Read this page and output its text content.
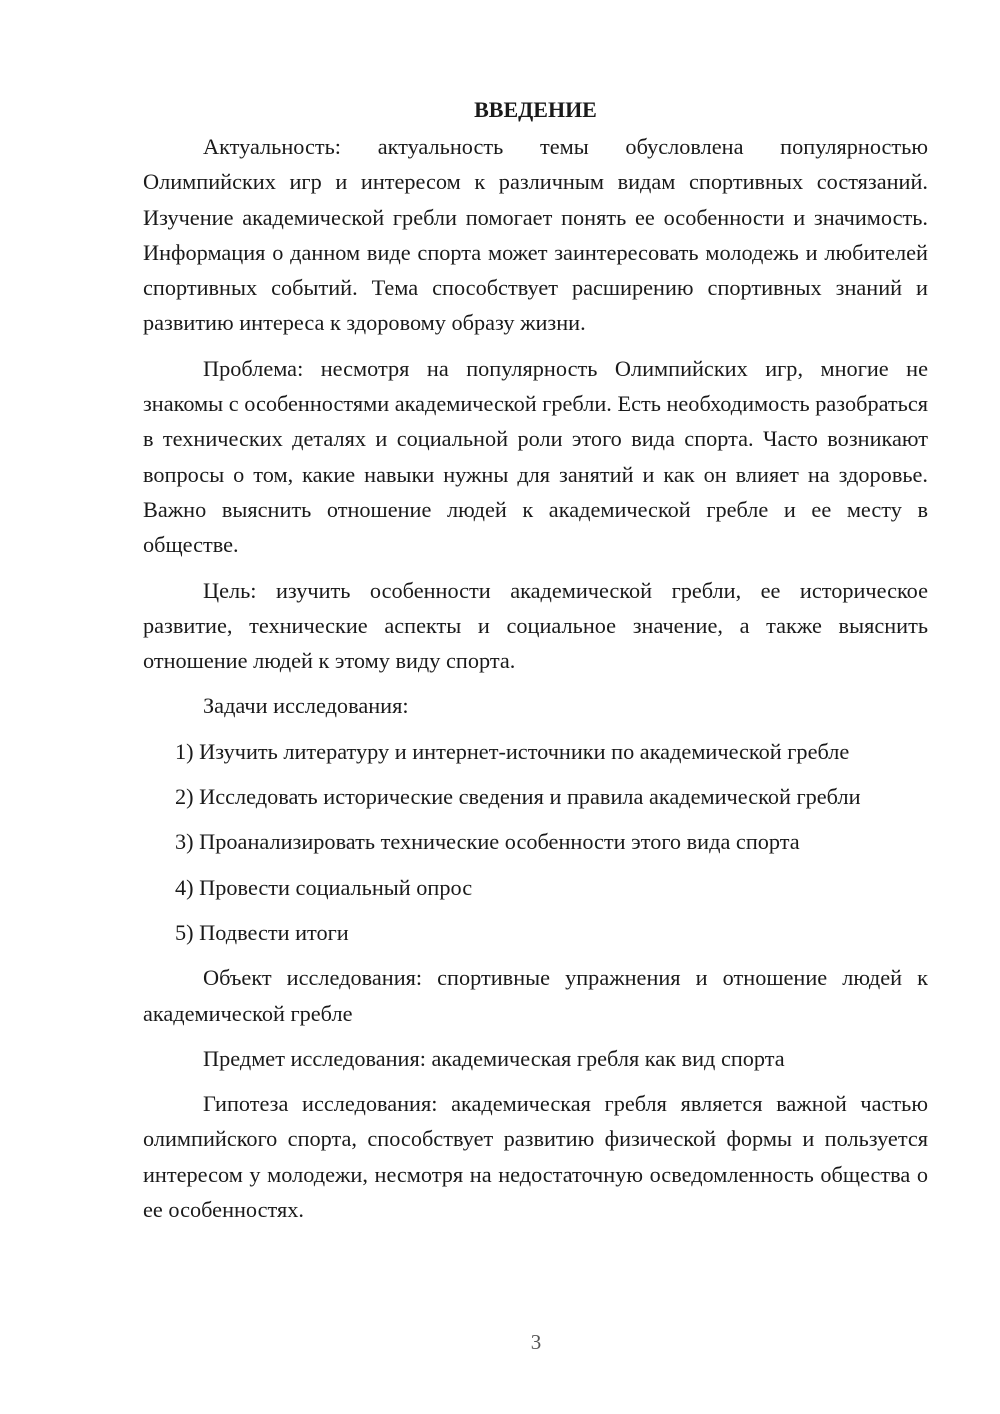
ВВЕДЕНИЕ

Актуальность: актуальность темы обусловлена популярностью Олимпийских игр и интересом к различным видам спортивных состязаний. Изучение академической гребли помогает понять ее особенности и значимость. Информация о данном виде спорта может заинтересовать молодежь и любителей спортивных событий. Тема способствует расширению спортивных знаний и развитию интереса к здоровому образу жизни.

Проблема: несмотря на популярность Олимпийских игр, многие не знакомы с особенностями академической гребли. Есть необходимость разобраться в технических деталях и социальной роли этого вида спорта. Часто возникают вопросы о том, какие навыки нужны для занятий и как он влияет на здоровье. Важно выяснить отношение людей к академической гребле и ее месту в обществе.

Цель: изучить особенности академической гребли, ее историческое развитие, технические аспекты и социальное значение, а также выяснить отношение людей к этому виду спорта.

Задачи исследования:

1) Изучить литературу и интернет-источники по академической гребле

2) Исследовать исторические сведения и правила академической гребли

3) Проанализировать технические особенности этого вида спорта

4) Провести социальный опрос

5) Подвести итоги

Объект исследования: спортивные упражнения и отношение людей к академической гребле

Предмет исследования: академическая гребля как вид спорта

Гипотеза исследования: академическая гребля является важной частью олимпийского спорта, способствует развитию физической формы и пользуется интересом у молодежи, несмотря на недостаточную осведомленность общества о ее особенностях.

3
